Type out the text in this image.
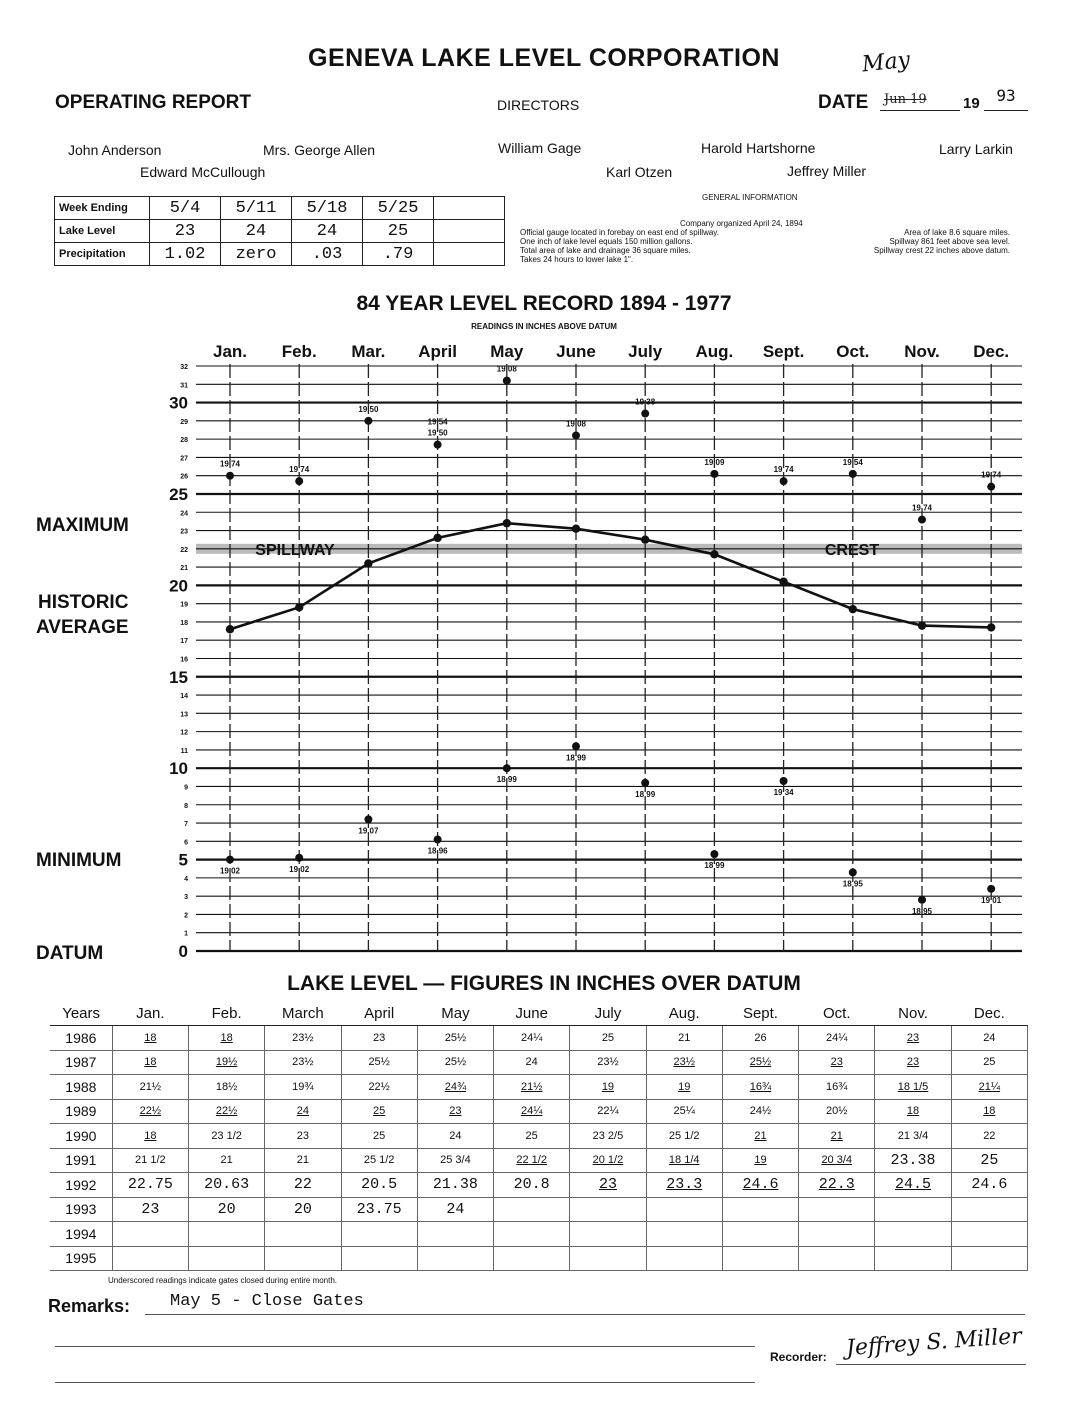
GENEVA LAKE LEVEL CORPORATION	May
OPERATING REPORT	DIRECTORS	DATE	Jun 19	19	93
John Anderson	Mrs. George Allen	William Gage	Harold Hartshorne	Larry Larkin
Edward McCullough	Karl Otzen	Jeffrey Miller
Week Ending	5/4	5/11	5/18	5/25	
Lake Level	23	24	24	25	
Precipitation	1.02	zero	.03	.79	
GENERAL INFORMATION
Company organized April 24, 1894
Official gauge located in forebay on east end of spillway.
One inch of lake level equals 150 million gallons.
Total area of lake and drainage 36 square miles.
Takes 24 hours to lower lake 1".
Area of lake 8.6 square miles.
Spillway 861 feet above sea level.
Spillway crest 22 inches above datum.
84 YEAR LEVEL RECORD 1894 - 1977
READINGS IN INCHES ABOVE DATUM
MAXIMUM
HISTORIC
AVERAGE
MINIMUM
DATUM
SPILLWAY	CREST
0
1
2
3
4
5
6
7
8
9
10
11
12
13
14
15
16
17
18
19
20
21
22
23
24
25
26
27
28
29
30
31
32
Jan. Feb. Mar. April May June July Aug. Sept. Oct. Nov. Dec.
19 74
19 74
19 50
19 50
19 54
19 08
19 08
19 38
19 09
19 74
19 54
19 74
19 74
19 02	19 02
19 07
18 96
18 99
18 99
18 99
18 99
19 34
18 95
18 95
19 01
LAKE LEVEL — FIGURES IN INCHES OVER DATUM
Years	Jan.	Feb.	March	April	May	June	July	Aug.	Sept.	Oct.	Nov.	Dec.
1986	18	18	23½	23	25½	24¼	25	21	26	24¼	23	24
1987	18	19½	23½	25½	25½	24	23½	23½	25½	23	23	25
1988	21½	18½	19¾	22½	24¾	21½	19	19	16¾	16¾	18 1/5	21¼
1989	22½	22½	24	25	23	24¼	22¼	25¼	24½	20½	18	18
1990	18	23 1/2	23	25	24	25	23 2/5	25 1/2	21	21	21 3/4	22
1991	21 1/2	21	21	25 1/2	25 3/4	22 1/2	20 1/2	18 1/4	19	20 3/4	23.38	25
1992	22.75	20.63	22	20.5	21.38	20.8	23	23.3	24.6	22.3	24.5	24.6
1993	23	20	20	23.75	24							
1994												
1995												
Underscored readings indicate gates closed during entire month.
Remarks: May 5 - Close Gates
Recorder: Jeffrey S. Miller
